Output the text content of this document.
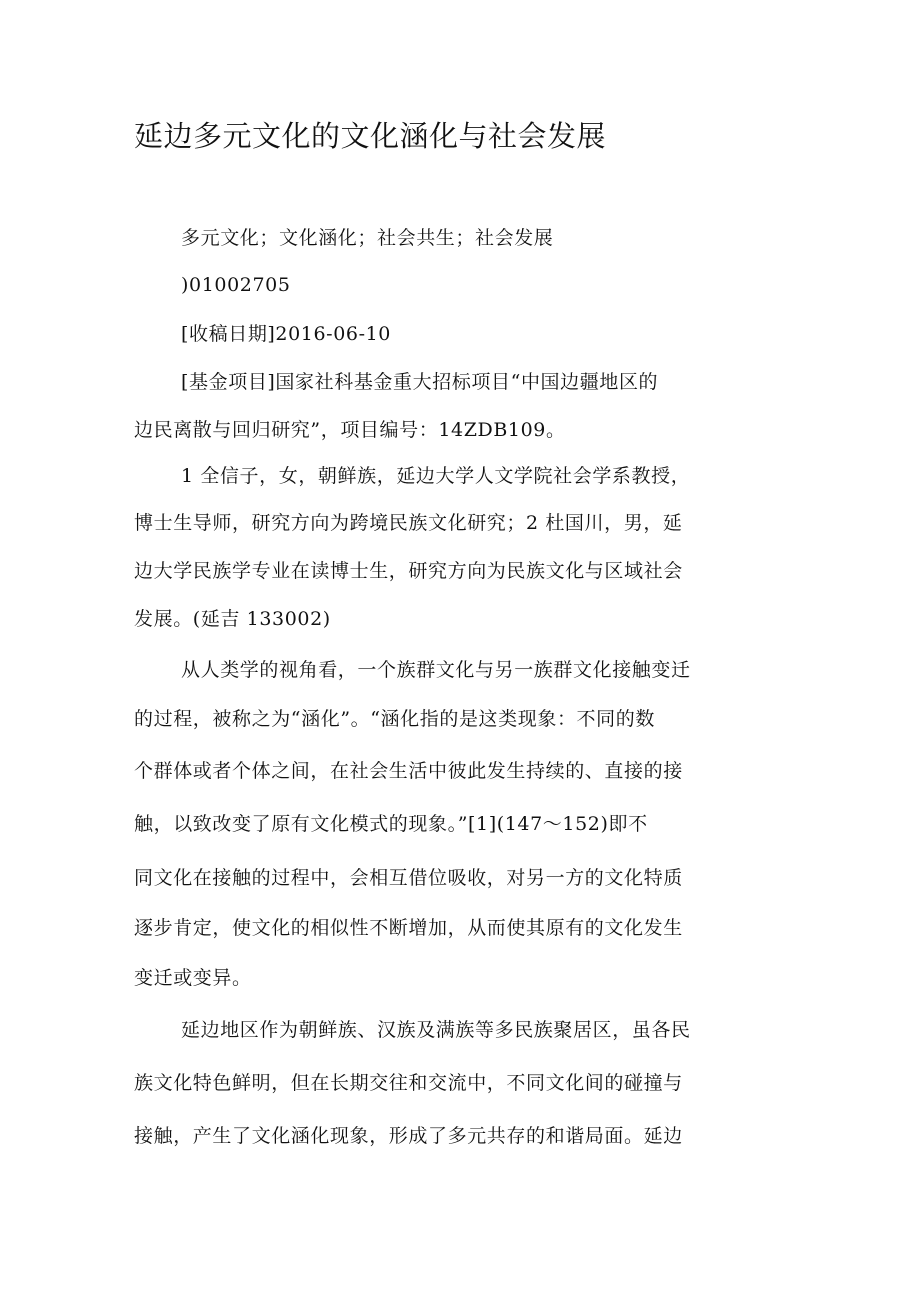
延边多元文化的文化涵化与社会发展
多元文化；文化涵化；社会共生；社会发展
)01002705
[收稿日期]2016-06-10
[基金项目]国家社科基金重大招标项目“中国边疆地区的
边民离散与回归研究”，项目编号：14ZDB109。
1 全信子，女，朝鲜族，延边大学人文学院社会学系教授，
博士生导师，研究方向为跨境民族文化研究；2 杜国川，男，延
边大学民族学专业在读博士生，研究方向为民族文化与区域社会
发展。(延吉 133002)
从人类学的视角看，一个族群文化与另一族群文化接触变迁
的过程，被称之为“涵化”。“涵化指的是这类现象：不同的数
个群体或者个体之间，在社会生活中彼此发生持续的、直接的接
触，以致改变了原有文化模式的现象。”[1](147〜152)即不
同文化在接触的过程中，会相互借位吸收，对另一方的文化特质
逐步肯定，使文化的相似性不断增加，从而使其原有的文化发生
变迁或变异。
延边地区作为朝鲜族、汉族及满族等多民族聚居区，虽各民
族文化特色鲜明，但在长期交往和交流中，不同文化间的碰撞与
接触，产生了文化涵化现象，形成了多元共存的和谐局面。延边
